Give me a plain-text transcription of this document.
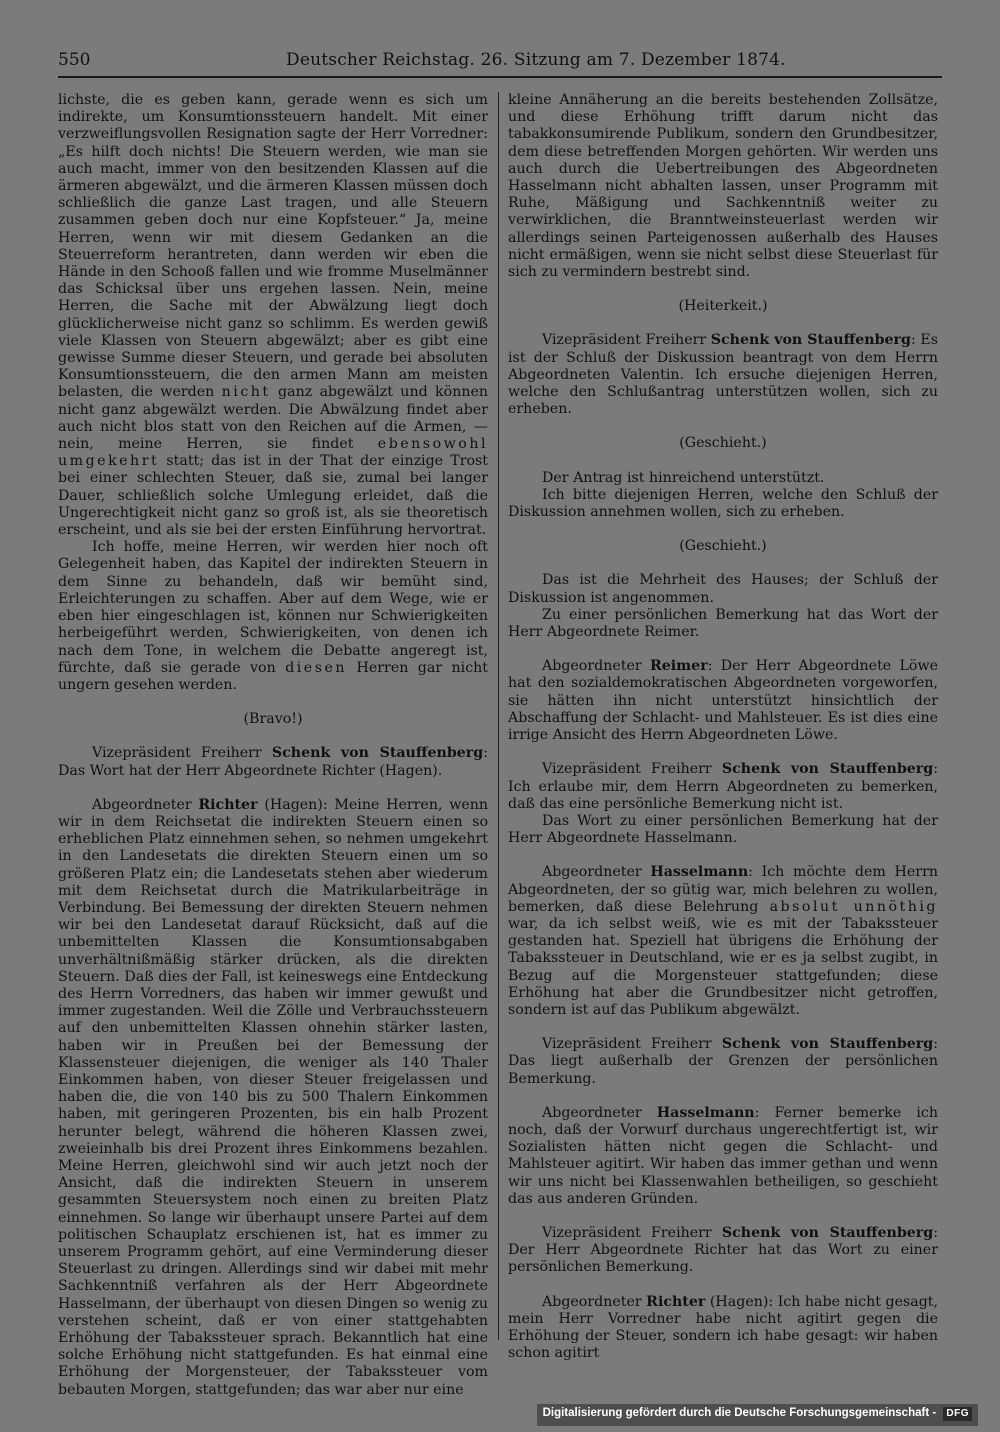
550	Deutscher Reichstag. 26. Sitzung am 7. Dezember 1874.

lichste, die es geben kann, gerade wenn es sich um indirekte, um Konsumtionssteuern handelt. Mit einer verzweiflungsvollen Resignation sagte der Herr Vorredner: „Es hilft doch nichts! Die Steuern werden, wie man sie auch macht, immer von den besitzenden Klassen auf die ärmeren abgewälzt, und die ärmeren Klassen müssen doch schließlich die ganze Last tragen, und alle Steuern zusammen geben doch nur eine Kopfsteuer.“ Ja, meine Herren, wenn wir mit diesem Gedanken an die Steuerreform herantreten, dann werden wir eben die Hände in den Schooß fallen und wie fromme Muselmänner das Schicksal über uns ergehen lassen. Nein, meine Herren, die Sache mit der Abwälzung liegt doch glücklicherweise nicht ganz so schlimm. Es werden gewiß viele Klassen von Steuern abgewälzt; aber es gibt eine gewisse Summe dieser Steuern, und gerade bei absoluten Konsumtionssteuern, die den armen Mann am meisten belasten, die werden nicht ganz abgewälzt und können nicht ganz abgewälzt werden. Die Abwälzung findet aber auch nicht blos statt von den Reichen auf die Armen, — nein, meine Herren, sie findet ebensowohl umgekehrt statt; das ist in der That der einzige Trost bei einer schlechten Steuer, daß sie, zumal bei langer Dauer, schließlich solche Umlegung erleidet, daß die Ungerechtigkeit nicht ganz so groß ist, als sie theoretisch erscheint, und als sie bei der ersten Einführung hervortrat.

Ich hoffe, meine Herren, wir werden hier noch oft Gelegenheit haben, das Kapitel der indirekten Steuern in dem Sinne zu behandeln, daß wir bemüht sind, Erleichterungen zu schaffen. Aber auf dem Wege, wie er eben hier eingeschlagen ist, können nur Schwierigkeiten herbeigeführt werden, Schwierigkeiten, von denen ich nach dem Tone, in welchem die Debatte angeregt ist, fürchte, daß sie gerade von diesen Herren gar nicht ungern gesehen werden.

(Bravo!)

Vizepräsident Freiherr Schenk von Stauffenberg: Das Wort hat der Herr Abgeordnete Richter (Hagen).

Abgeordneter Richter (Hagen): Meine Herren, wenn wir in dem Reichsetat die indirekten Steuern einen so erheblichen Platz einnehmen sehen, so nehmen umgekehrt in den Landesetats die direkten Steuern einen um so größeren Platz ein; die Landesetats stehen aber wiederum mit dem Reichsetat durch die Matrikularbeiträge in Verbindung. Bei Bemessung der direkten Steuern nehmen wir bei den Landesetat darauf Rücksicht, daß auf die unbemittelten Klassen die Konsumtionsabgaben unverhältnißmäßig stärker drücken, als die direkten Steuern. Daß dies der Fall, ist keineswegs eine Entdeckung des Herrn Vorredners, das haben wir immer gewußt und immer zugestanden. Weil die Zölle und Verbrauchssteuern auf den unbemittelten Klassen ohnehin stärker lasten, haben wir in Preußen bei der Bemessung der Klassensteuer diejenigen, die weniger als 140 Thaler Einkommen haben, von dieser Steuer freigelassen und haben die, die von 140 bis zu 500 Thalern Einkommen haben, mit geringeren Prozenten, bis ein halb Prozent herunter belegt, während die höheren Klassen zwei, zweieinhalb bis drei Prozent ihres Einkommens bezahlen. Meine Herren, gleichwohl sind wir auch jetzt noch der Ansicht, daß die indirekten Steuern in unserem gesammten Steuersystem noch einen zu breiten Platz einnehmen. So lange wir überhaupt unsere Partei auf dem politischen Schauplatz erschienen ist, hat es immer zu unserem Programm gehört, auf eine Verminderung dieser Steuerlast zu dringen. Allerdings sind wir dabei mit mehr Sachkenntniß verfahren als der Herr Abgeordnete Hasselmann, der überhaupt von diesen Dingen so wenig zu verstehen scheint, daß er von einer stattgehabten Erhöhung der Tabakssteuer sprach. Bekanntlich hat eine solche Erhöhung nicht stattgefunden. Es hat einmal eine Erhöhung der Morgensteuer, der Tabakssteuer vom bebauten Morgen, stattgefunden; das war aber nur eine

kleine Annäherung an die bereits bestehenden Zollsätze, und diese Erhöhung trifft darum nicht das tabakkonsumirende Publikum, sondern den Grundbesitzer, dem diese betreffenden Morgen gehörten. Wir werden uns auch durch die Uebertreibungen des Abgeordneten Hasselmann nicht abhalten lassen, unser Programm mit Ruhe, Mäßigung und Sachkenntniß weiter zu verwirklichen, die Branntweinsteuerlast werden wir allerdings seinen Parteigenossen außerhalb des Hauses nicht ermäßigen, wenn sie nicht selbst diese Steuerlast für sich zu vermindern bestrebt sind.

(Heiterkeit.)

Vizepräsident Freiherr Schenk von Stauffenberg: Es ist der Schluß der Diskussion beantragt von dem Herrn Abgeordneten Valentin. Ich ersuche diejenigen Herren, welche den Schlußantrag unterstützen wollen, sich zu erheben.

(Geschieht.)

Der Antrag ist hinreichend unterstützt.

Ich bitte diejenigen Herren, welche den Schluß der Diskussion annehmen wollen, sich zu erheben.

(Geschieht.)

Das ist die Mehrheit des Hauses; der Schluß der Diskussion ist angenommen.

Zu einer persönlichen Bemerkung hat das Wort der Herr Abgeordnete Reimer.

Abgeordneter Reimer: Der Herr Abgeordnete Löwe hat den sozialdemokratischen Abgeordneten vorgeworfen, sie hätten ihn nicht unterstützt hinsichtlich der Abschaffung der Schlacht- und Mahlsteuer. Es ist dies eine irrige Ansicht des Herrn Abgeordneten Löwe.

Vizepräsident Freiherr Schenk von Stauffenberg: Ich erlaube mir, dem Herrn Abgeordneten zu bemerken, daß das eine persönliche Bemerkung nicht ist.

Das Wort zu einer persönlichen Bemerkung hat der Herr Abgeordnete Hasselmann.

Abgeordneter Hasselmann: Ich möchte dem Herrn Abgeordneten, der so gütig war, mich belehren zu wollen, bemerken, daß diese Belehrung absolut unnöthig war, da ich selbst weiß, wie es mit der Tabakssteuer gestanden hat. Speziell hat übrigens die Erhöhung der Tabakssteuer in Deutschland, wie er es ja selbst zugibt, in Bezug auf die Morgensteuer stattgefunden; diese Erhöhung hat aber die Grundbesitzer nicht getroffen, sondern ist auf das Publikum abgewälzt.

Vizepräsident Freiherr Schenk von Stauffenberg: Das liegt außerhalb der Grenzen der persönlichen Bemerkung.

Abgeordneter Hasselmann: Ferner bemerke ich noch, daß der Vorwurf durchaus ungerechtfertigt ist, wir Sozialisten hätten nicht gegen die Schlacht- und Mahlsteuer agitirt. Wir haben das immer gethan und wenn wir uns nicht bei Klassenwahlen betheiligen, so geschieht das aus anderen Gründen.

Vizepräsident Freiherr Schenk von Stauffenberg: Der Herr Abgeordnete Richter hat das Wort zu einer persönlichen Bemerkung.

Abgeordneter Richter (Hagen): Ich habe nicht gesagt, mein Herr Vorredner habe nicht agitirt gegen die Erhöhung der Steuer, sondern ich habe gesagt: wir haben schon agitirt

Digitalisierung gefördert durch die Deutsche Forschungsgemeinschaft - DFG
